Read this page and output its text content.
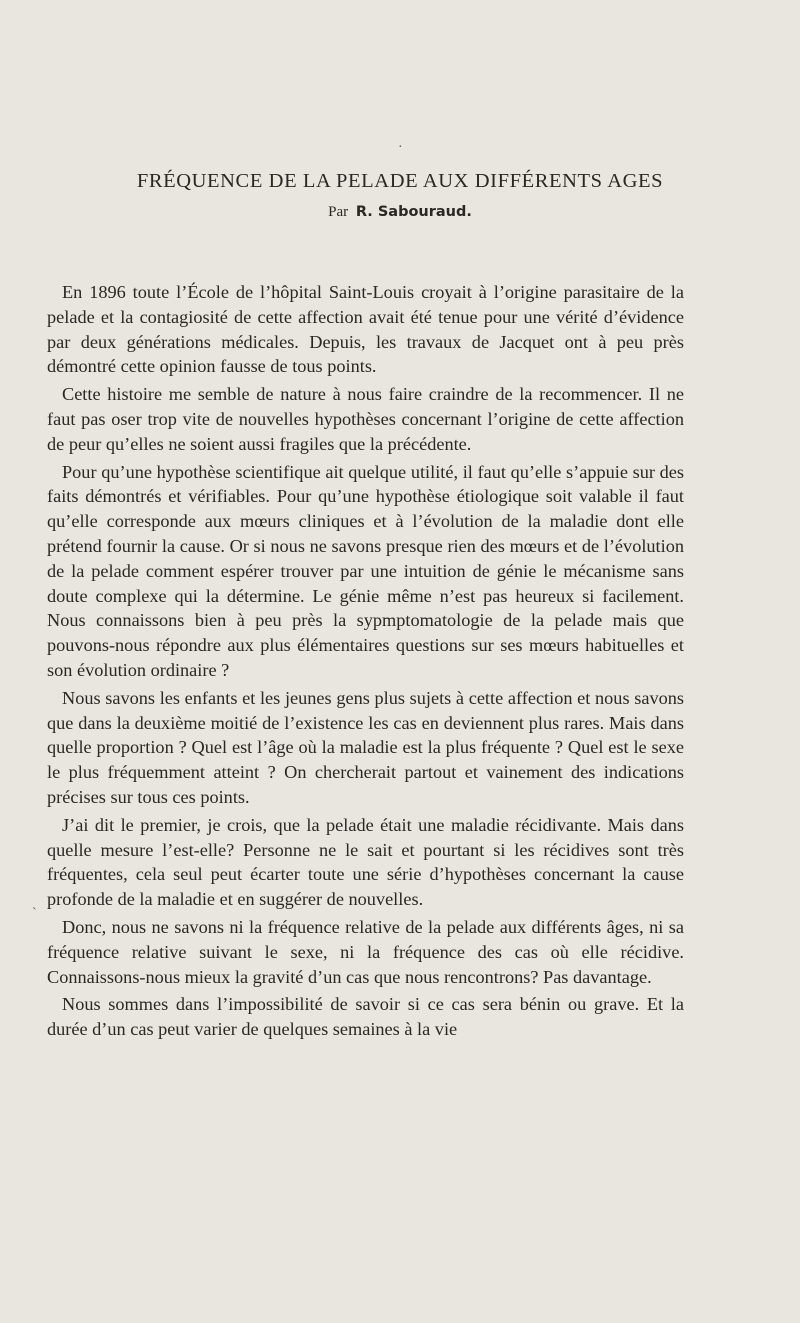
FRÉQUENCE DE LA PELADE AUX DIFFÉRENTS AGES
Par R. Sabouraud.

En 1896 toute l’École de l’hôpital Saint-Louis croyait à l’origine parasitaire de la pelade et la contagiosité de cette affection avait été tenue pour une vérité d’évidence par deux générations médicales. Depuis, les travaux de Jacquet ont à peu près démontré cette opinion fausse de tous points.

Cette histoire me semble de nature à nous faire craindre de la recommencer. Il ne faut pas oser trop vite de nouvelles hypothèses concernant l’origine de cette affection de peur qu’elles ne soient aussi fragiles que la précédente.

Pour qu’une hypothèse scientifique ait quelque utilité, il faut qu’elle s’appuie sur des faits démontrés et vérifiables. Pour qu’une hypothèse étiologique soit valable il faut qu’elle corresponde aux mœurs cliniques et à l’évolution de la maladie dont elle prétend fournir la cause. Or si nous ne savons presque rien des mœurs et de l’évolution de la pelade comment espérer trouver par une intuition de génie le mécanisme sans doute complexe qui la détermine. Le génie même n’est pas heureux si facilement. Nous connaissons bien à peu près la sypmptomatologie de la pelade mais que pouvons-nous répondre aux plus élémentaires questions sur ses mœurs habituelles et son évolution ordinaire ?

Nous savons les enfants et les jeunes gens plus sujets à cette affection et nous savons que dans la deuxième moitié de l’existence les cas en deviennent plus rares. Mais dans quelle proportion ? Quel est l’âge où la maladie est la plus fréquente ? Quel est le sexe le plus fréquemment atteint ? On chercherait partout et vainement des indications précises sur tous ces points.

J’ai dit le premier, je crois, que la pelade était une maladie récidivante. Mais dans quelle mesure l’est-elle? Personne ne le sait et pourtant si les récidives sont très fréquentes, cela seul peut écarter toute une série d’hypothèses concernant la cause profonde de la maladie et en suggérer de nouvelles.

Donc, nous ne savons ni la fréquence relative de la pelade aux différents âges, ni sa fréquence relative suivant le sexe, ni la fréquence des cas où elle récidive. Connaissons-nous mieux la gravité d’un cas que nous rencontrons? Pas davantage.

Nous sommes dans l’impossibilité de savoir si ce cas sera bénin ou grave. Et la durée d’un cas peut varier de quelques semaines à la vie

ˋ
·
